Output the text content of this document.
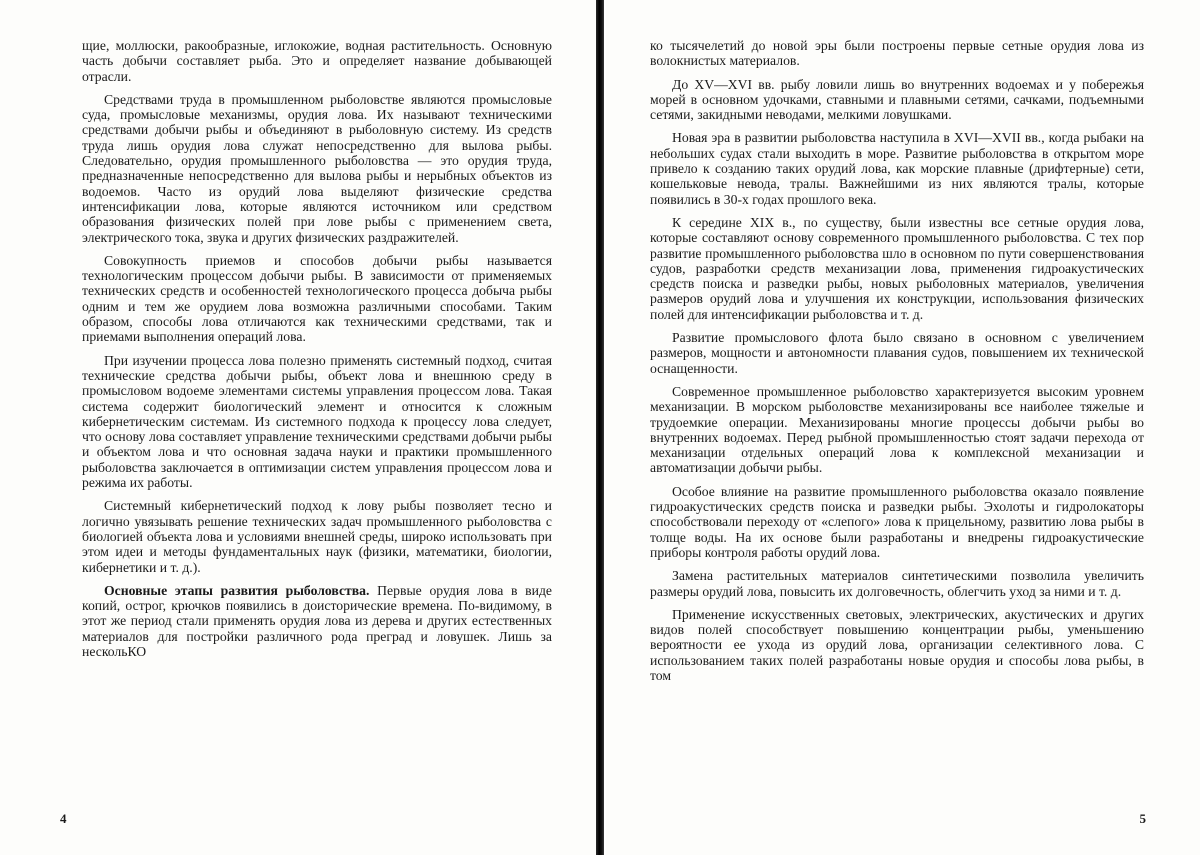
щие, моллюски, ракообразные, иглокожие, водная растительность. Основную часть добычи составляет рыба. Это и определяет название добывающей отрасли.

Средствами труда в промышленном рыболовстве являются промысловые суда, промысловые механизмы, орудия лова. Их называют техническими средствами добычи рыбы и объединяют в рыболовную систему. Из средств труда лишь орудия лова служат непосредственно для вылова рыбы. Следовательно, орудия промышленного рыболовства — это орудия труда, предназначенные непосредственно для вылова рыбы и нерыбных объектов из водоемов. Часто из орудий лова выделяют физические средства интенсификации лова, которые являются источником или средством образования физических полей при лове рыбы с применением света, электрического тока, звука и других физических раздражителей.

Совокупность приемов и способов добычи рыбы называется технологическим процессом добычи рыбы. В зависимости от применяемых технических средств и особенностей технологического процесса добыча рыбы одним и тем же орудием лова возможна различными способами. Таким образом, способы лова отличаются как техническими средствами, так и приемами выполнения операций лова.

При изучении процесса лова полезно применять системный подход, считая технические средства добычи рыбы, объект лова и внешнюю среду в промысловом водоеме элементами системы управления процессом лова. Такая система содержит биологический элемент и относится к сложным кибернетическим системам. Из системного подхода к процессу лова следует, что основу лова составляет управление техническими средствами добычи рыбы и объектом лова и что основная задача науки и практики промышленного рыболовства заключается в оптимизации систем управления процессом лова и режима их работы.

Системный кибернетический подход к лову рыбы позволяет тесно и логично увязывать решение технических задач промышленного рыболовства с биологией объекта лова и условиями внешней среды, широко использовать при этом идеи и методы фундаментальных наук (физики, математики, биологии, кибернетики и т. д.).

Основные этапы развития рыболовства. Первые орудия лова в виде копий, острог, крючков появились в доисторические времена. По-видимому, в этот же период стали применять орудия лова из дерева и других естественных материалов для постройки различного рода преград и ловушек. Лишь за нескольКО

4

ко тысячелетий до новой эры были построены первые сетные орудия лова из волокнистых материалов.

До XV—XVI вв. рыбу ловили лишь во внутренних водоемах и у побережья морей в основном удочками, ставными и плавными сетями, сачками, подъемными сетями, закидными неводами, мелкими ловушками.

Новая эра в развитии рыболовства наступила в XVI—XVII вв., когда рыбаки на небольших судах стали выходить в море. Развитие рыболовства в открытом море привело к созданию таких орудий лова, как морские плавные (дрифтерные) сети, кошельковые невода, тралы. Важнейшими из них являются тралы, которые появились в 30-х годах прошлого века.

К середине XIX в., по существу, были известны все сетные орудия лова, которые составляют основу современного промышленного рыболовства. С тех пор развитие промышленного рыболовства шло в основном по пути совершенствования судов, разработки средств механизации лова, применения гидроакустических средств поиска и разведки рыбы, новых рыболовных материалов, увеличения размеров орудий лова и улучшения их конструкции, использования физических полей для интенсификации рыболовства и т. д.

Развитие промыслового флота было связано в основном с увеличением размеров, мощности и автономности плавания судов, повышением их технической оснащенности.

Современное промышленное рыболовство характеризуется высоким уровнем механизации. В морском рыболовстве механизированы все наиболее тяжелые и трудоемкие операции. Механизированы многие процессы добычи рыбы во внутренних водоемах. Перед рыбной промышленностью стоят задачи перехода от механизации отдельных операций лова к комплексной механизации и автоматизации добычи рыбы.

Особое влияние на развитие промышленного рыболовства оказало появление гидроакустических средств поиска и разведки рыбы. Эхолоты и гидролокаторы способствовали переходу от «слепого» лова к прицельному, развитию лова рыбы в толще воды. На их основе были разработаны и внедрены гидроакустические приборы контроля работы орудий лова.

Замена растительных материалов синтетическими позволила увеличить размеры орудий лова, повысить их долговечность, облегчить уход за ними и т. д.

Применение искусственных световых, электрических, акустических и других видов полей способствует повышению концентрации рыбы, уменьшению вероятности ее ухода из орудий лова, организации селективного лова. С использованием таких полей разработаны новые орудия и способы лова рыбы, в том

5
